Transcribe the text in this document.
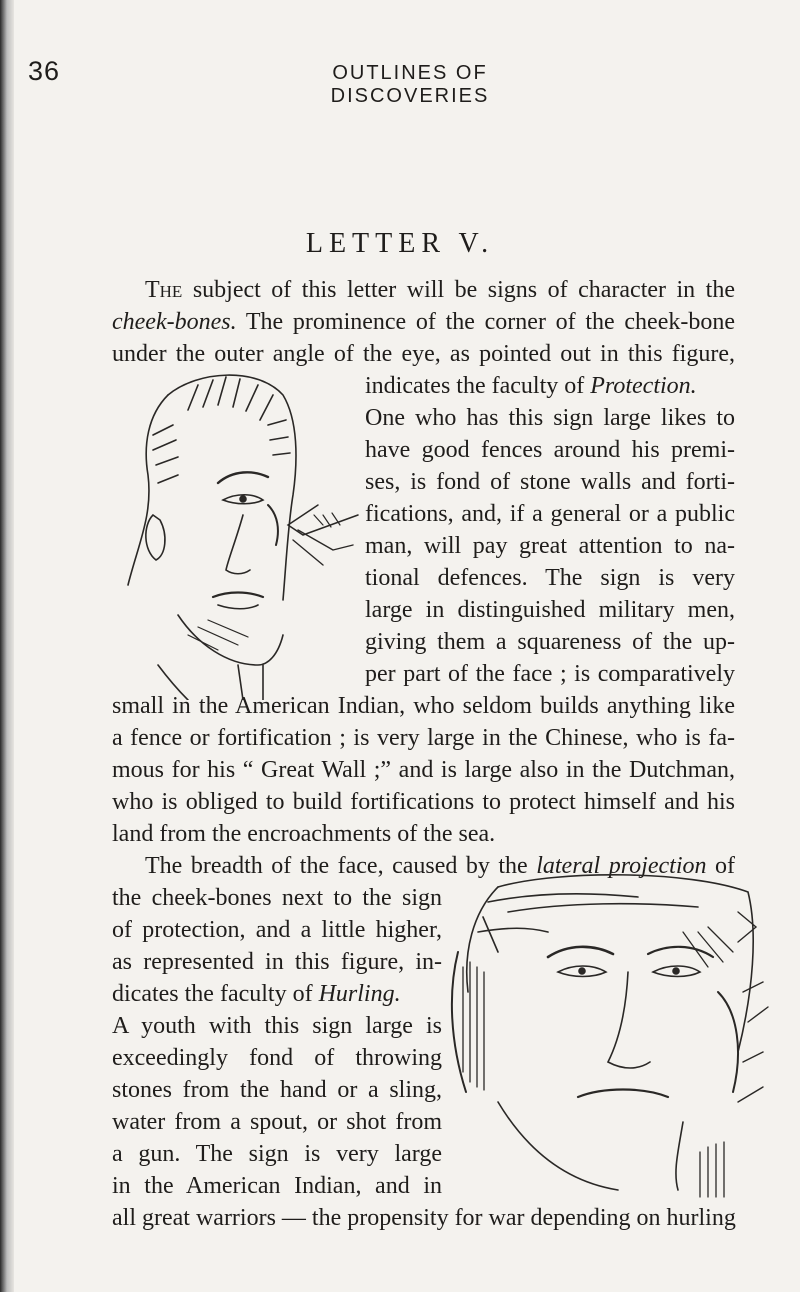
36	OUTLINES OF DISCOVERIES
LETTER V.
The subject of this letter will be signs of character in the
cheek-bones. The prominence of the corner of the cheek-bone
under the outer angle of the eye, as pointed out in this figure,
indicates the faculty of Protection.
One who has this sign large likes to
have good fences around his premi-
ses, is fond of stone walls and forti-
fications, and, if a general or a public
man, will pay great attention to na-
tional defences. The sign is very
large in distinguished military men,
giving them a squareness of the up-
per part of the face ; is comparatively
small in the American Indian, who seldom builds anything like
a fence or fortification ; is very large in the Chinese, who is fa-
mous for his “ Great Wall ;” and is large also in the Dutchman,
who is obliged to build fortifications to protect himself and his
land from the encroachments of the sea.
The breadth of the face, caused by the lateral projection of
the cheek-bones next to the sign
of protection, and a little higher,
as represented in this figure, in-
dicates the faculty of Hurling.
A youth with this sign large is
exceedingly fond of throwing
stones from the hand or a sling,
water from a spout, or shot from
a gun. The sign is very large
in the American Indian, and in
all great warriors — the propensity for war depending on hurling
